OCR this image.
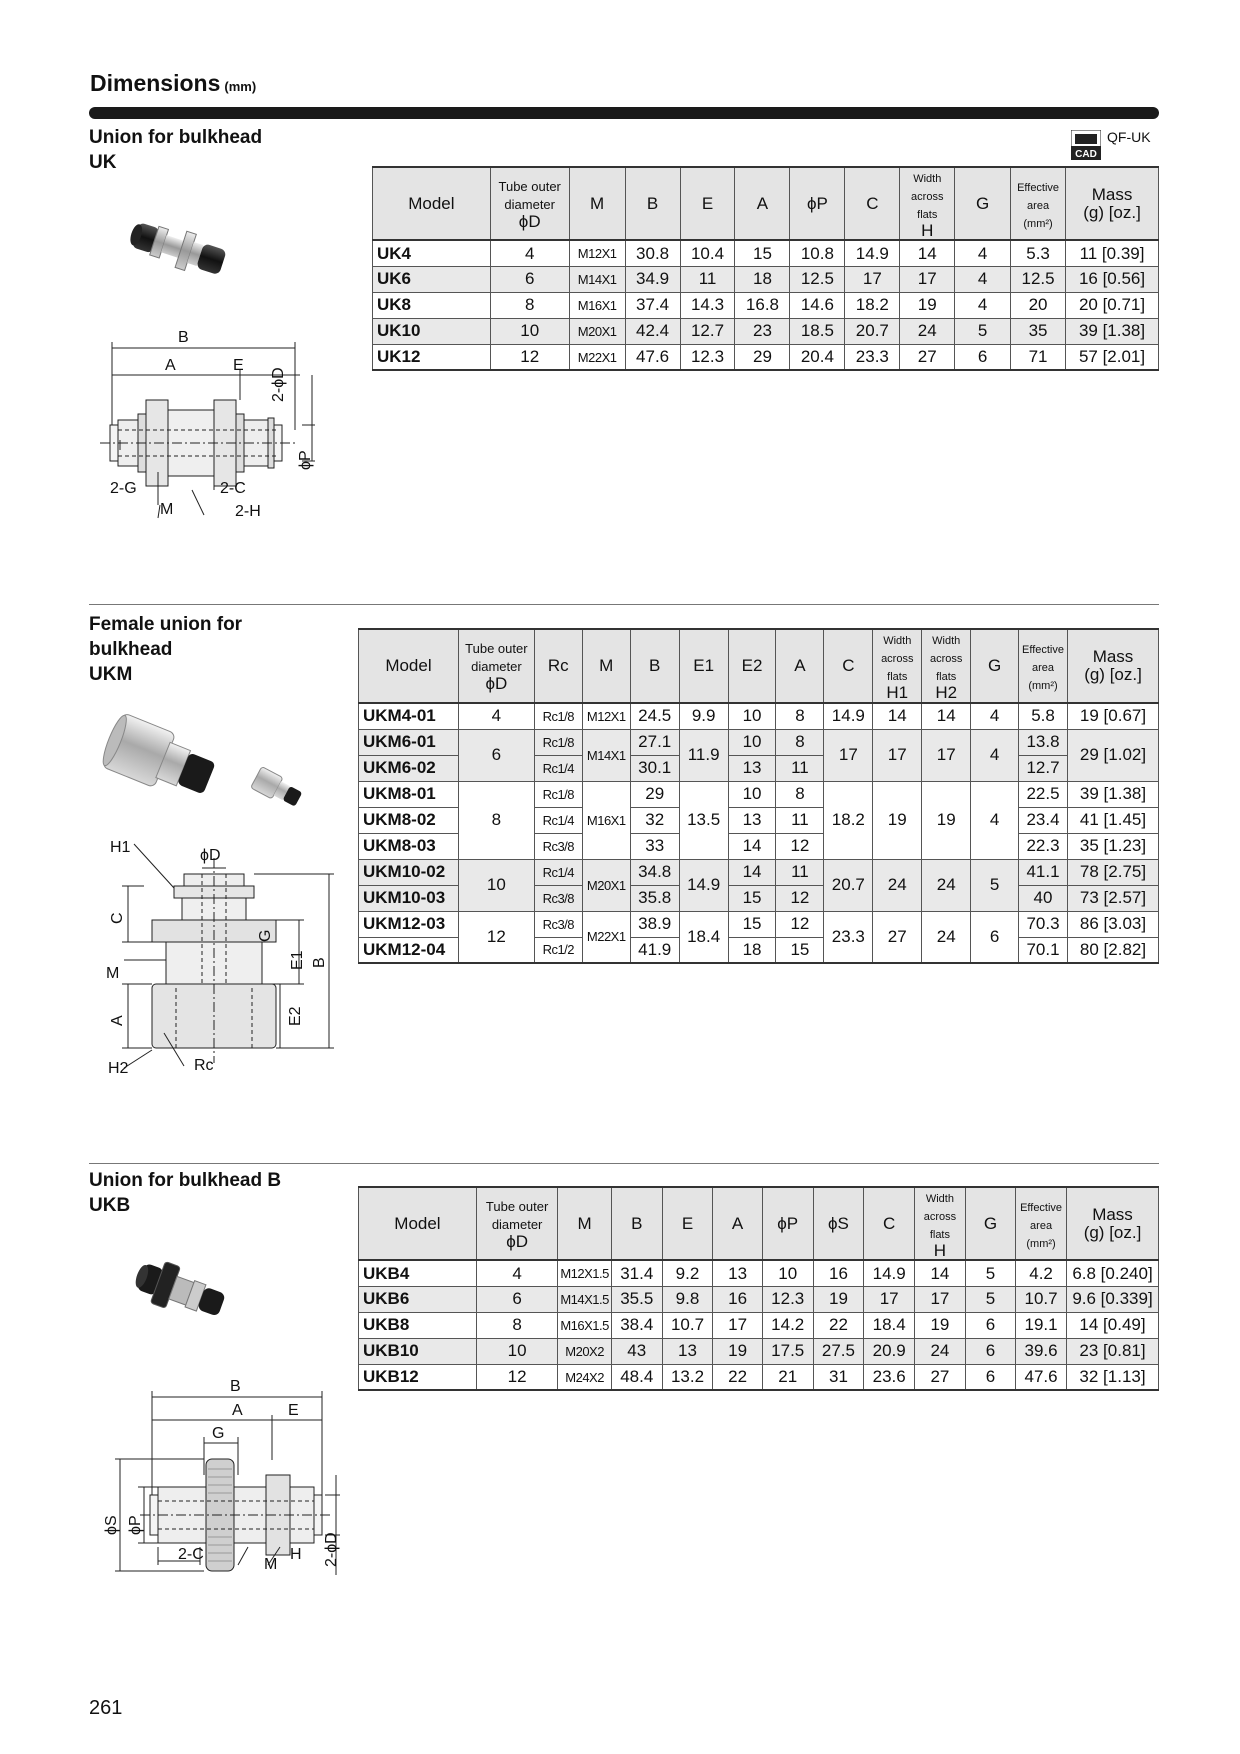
Dimensions (mm)
Union for bulkhead
UK	CAD
QF-UK
B
A	E
2-ϕD
ϕP
2-G	2-C
M	2-H
Model	Tube outer
diameter
ϕD	M	B	E	A	ϕP	C	Width
across
flats
H	G	Effective
area
(mm²)	Mass
(g) [oz.]
UK4	4	M12X1	30.8	10.4	15	10.8	14.9	14	4	5.3	11 [0.39]
UK6	6	M14X1	34.9	11	18	12.5	17	17	4	12.5	16 [0.56]
UK8	8	M16X1	37.4	14.3	16.8	14.6	18.2	19	4	20	20 [0.71]
UK10	10	M20X1	42.4	12.7	23	18.5	20.7	24	5	35	39 [1.38]
UK12	12	M22X1	47.6	12.3	29	20.4	23.3	27	6	71	57 [2.01]
Female union for
bulkhead
UKM
H1	ϕD
C
G
E1 B
M
A	E2
H2	Rc
Model	Tube outer
diameter
ϕD	Rc	M	B	E1	E2	A	C	Width
across
flats
H1	Width
across
flats
H2	G	Effective
area
(mm²)	Mass
(g) [oz.]
UKM4-01	4	Rc1/8	M12X1	24.5	9.9	10	8	14.9	14	14	4	5.8	19 [0.67]
UKM6-01	6	Rc1/8	M14X1	27.1	11.9	10	8	17	17	17	4	13.8	29 [1.02]
UKM6-02		Rc1/4		30.1		13	11					12.7	
UKM8-01	8	Rc1/8	M16X1	29	13.5	10	8	18.2	19	19	4	22.5	39 [1.38]
UKM8-02		Rc1/4		32		13	11					23.4	41 [1.45]
UKM8-03		Rc3/8		33		14	12					22.3	35 [1.23]
UKM10-02	10	Rc1/4	M20X1	34.8	14.9	14	11	20.7	24	24	5	41.1	78 [2.75]
UKM10-03		Rc3/8		35.8		15	12					40	73 [2.57]
UKM12-03	12	Rc3/8	M22X1	38.9	18.4	15	12	23.3	27	24	6	70.3	86 [3.03]
UKM12-04		Rc1/2		41.9		18	15					70.1	80 [2.82]
Union for bulkhead B
UKB
B
A	E
G
ϕS ϕP
2-C
M
H 2-ϕD
Model	Tube outer
diameter
ϕD	M	B	E	A	ϕP	ϕS	C	Width
across
flats
H	G	Effective
area
(mm²)	Mass
(g) [oz.]
UKB4	4	M12X1.5	31.4	9.2	13	10	16	14.9	14	5	4.2	6.8 [0.240]
UKB6	6	M14X1.5	35.5	9.8	16	12.3	19	17	17	5	10.7	9.6 [0.339]
UKB8	8	M16X1.5	38.4	10.7	17	14.2	22	18.4	19	6	19.1	14 [0.49]
UKB10	10	M20X2	43	13	19	17.5	27.5	20.9	24	6	39.6	23 [0.81]
UKB12	12	M24X2	48.4	13.2	22	21	31	23.6	27	6	47.6	32 [1.13]
261
